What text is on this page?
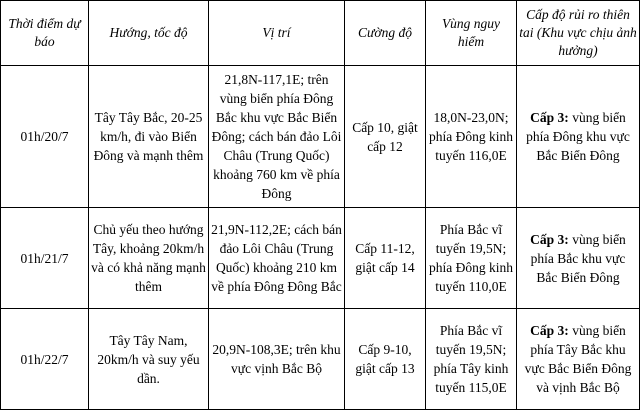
Thời điểm dự báo	Hướng, tốc độ	Vị trí	Cường độ	Vùng nguy hiểm	Cấp độ rủi ro thiên tai (Khu vực chịu ảnh hưởng)
01h/20/7	Tây Tây Bắc, 20-25 km/h, đi vào Biển Đông và mạnh thêm	21,8N-117,1E; trên vùng biển phía Đông Bắc khu vực Bắc Biển Đông; cách bán đảo Lôi Châu (Trung Quốc) khoảng 760 km về phía Đông	Cấp 10, giật cấp 12	18,0N-23,0N; phía Đông kinh tuyến 116,0E	Cấp 3: vùng biển phía Đông khu vực Bắc Biển Đông
01h/21/7	Chủ yếu theo hướng Tây, khoảng 20km/h và có khả năng mạnh thêm	21,9N-112,2E; cách bán đảo Lôi Châu (Trung Quốc) khoảng 210 km về phía Đông Đông Bắc	Cấp 11-12, giật cấp 14	Phía Bắc vĩ tuyến 19,5N; phía Đông kinh tuyến 110,0E	Cấp 3: vùng biển phía Bắc khu vực Bắc Biển Đông
01h/22/7	Tây Tây Nam, 20km/h và suy yếu dần.	20,9N-108,3E; trên khu vực vịnh Bắc Bộ	Cấp 9-10, giật cấp 13	Phía Bắc vĩ tuyến 19,5N; phía Tây kinh tuyến 115,0E	Cấp 3: vùng biển phía Tây Bắc khu vực Bắc Biển Đông và vịnh Bắc Bộ
